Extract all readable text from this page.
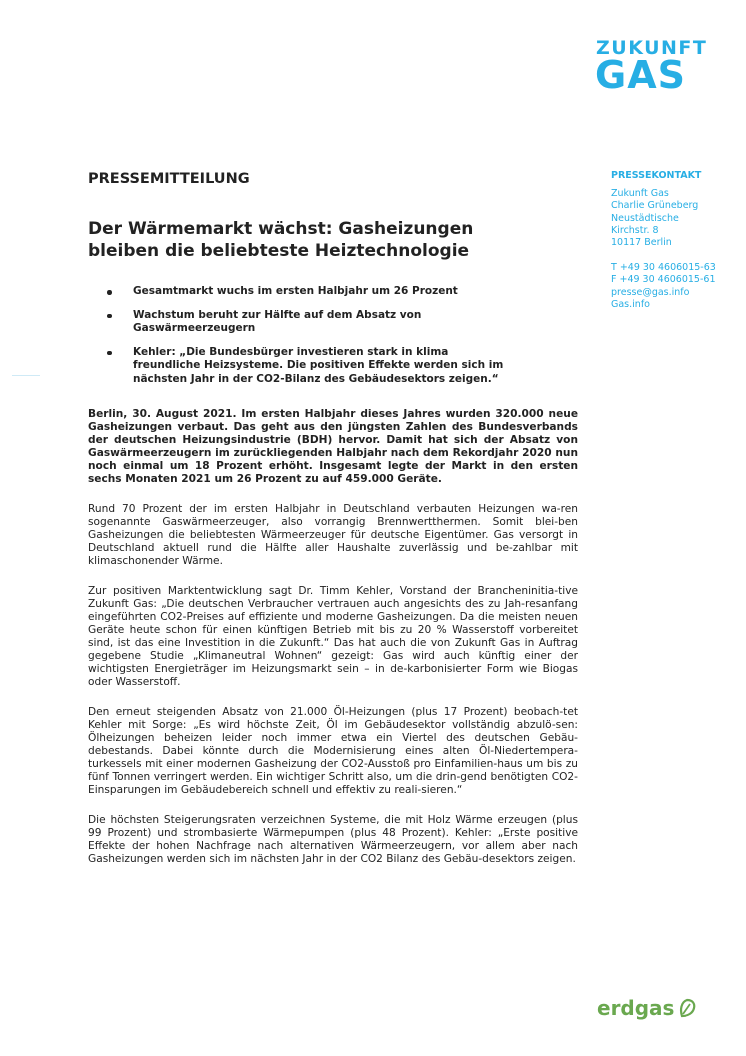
ZUKUNFT
GAS
PRESSEKONTAKT
Zukunft Gas
Charlie Grüneberg
Neustädtische
Kirchstr. 8
10117 Berlin
T +49 30 4606015-63
F +49 30 4606015-61
presse@gas.info
Gas.info

PRESSEMITTEILUNG

Der Wärmemarkt wächst: Gasheizungen bleiben die beliebteste Heiztechnologie
Gesamtmarkt wuchs im ersten Halbjahr um 26 Prozent
Wachstum beruht zur Hälfte auf dem Absatz von Gaswärmeerzeugern
Kehler: „Die Bundesbürger investieren stark in klima freundliche Heizsysteme. Die positiven Effekte werden sich im nächsten Jahr in der CO2-Bilanz des Gebäudesektors zeigen.“

Berlin, 30. August 2021. Im ersten Halbjahr dieses Jahres wurden 320.000 neue Gasheizungen verbaut. Das geht aus den jüngsten Zahlen des Bundesverbands der deutschen Heizungsindustrie (BDH) hervor. Damit hat sich der Absatz von Gaswärmeerzeugern im zurückliegenden Halbjahr nach dem Rekordjahr 2020 nun noch einmal um 18 Prozent erhöht. Insgesamt legte der Markt in den ersten sechs Monaten 2021 um 26 Prozent zu auf 459.000 Geräte.

Rund 70 Prozent der im ersten Halbjahr in Deutschland verbauten Heizungen wa-ren sogenannte Gaswärmeerzeuger, also vorrangig Brennwertthermen. Somit blei-ben Gasheizungen die beliebtesten Wärmeerzeuger für deutsche Eigentümer. Gas versorgt in Deutschland aktuell rund die Hälfte aller Haushalte zuverlässig und be-zahlbar mit klimaschonender Wärme.

Zur positiven Marktentwicklung sagt Dr. Timm Kehler, Vorstand der Brancheninitia-tive Zukunft Gas: „Die deutschen Verbraucher vertrauen auch angesichts des zu Jah-resanfang eingeführten CO2-Preises auf effiziente und moderne Gasheizungen. Da die meisten neuen Geräte heute schon für einen künftigen Betrieb mit bis zu 20 % Wasserstoff vorbereitet sind, ist das eine Investition in die Zukunft.“ Das hat auch die von Zukunft Gas in Auftrag gegebene Studie „Klimaneutral Wohnen“ gezeigt: Gas wird auch künftig einer der wichtigsten Energieträger im Heizungsmarkt sein – in de-karbonisierter Form wie Biogas oder Wasserstoff.

Den erneut steigenden Absatz von 21.000 Öl-Heizungen (plus 17 Prozent) beobach-tet Kehler mit Sorge: „Es wird höchste Zeit, Öl im Gebäudesektor vollständig abzulö-sen: Ölheizungen beheizen leider noch immer etwa ein Viertel des deutschen Gebäu-debestands. Dabei könnte durch die Modernisierung eines alten Öl-Niedertempera-turkessels mit einer modernen Gasheizung der CO2-Ausstoß pro Einfamilien-haus um bis zu fünf Tonnen verringert werden. Ein wichtiger Schritt also, um die drin-gend benötigten CO2-Einsparungen im Gebäudebereich schnell und effektiv zu reali-sieren.“

Die höchsten Steigerungsraten verzeichnen Systeme, die mit Holz Wärme erzeugen (plus 99 Prozent) und strombasierte Wärmepumpen (plus 48 Prozent). Kehler: „Erste positive Effekte der hohen Nachfrage nach alternativen Wärmeerzeugern, vor allem aber nach Gasheizungen werden sich im nächsten Jahr in der CO2 Bilanz des Gebäu-desektors zeigen.

erdgas
